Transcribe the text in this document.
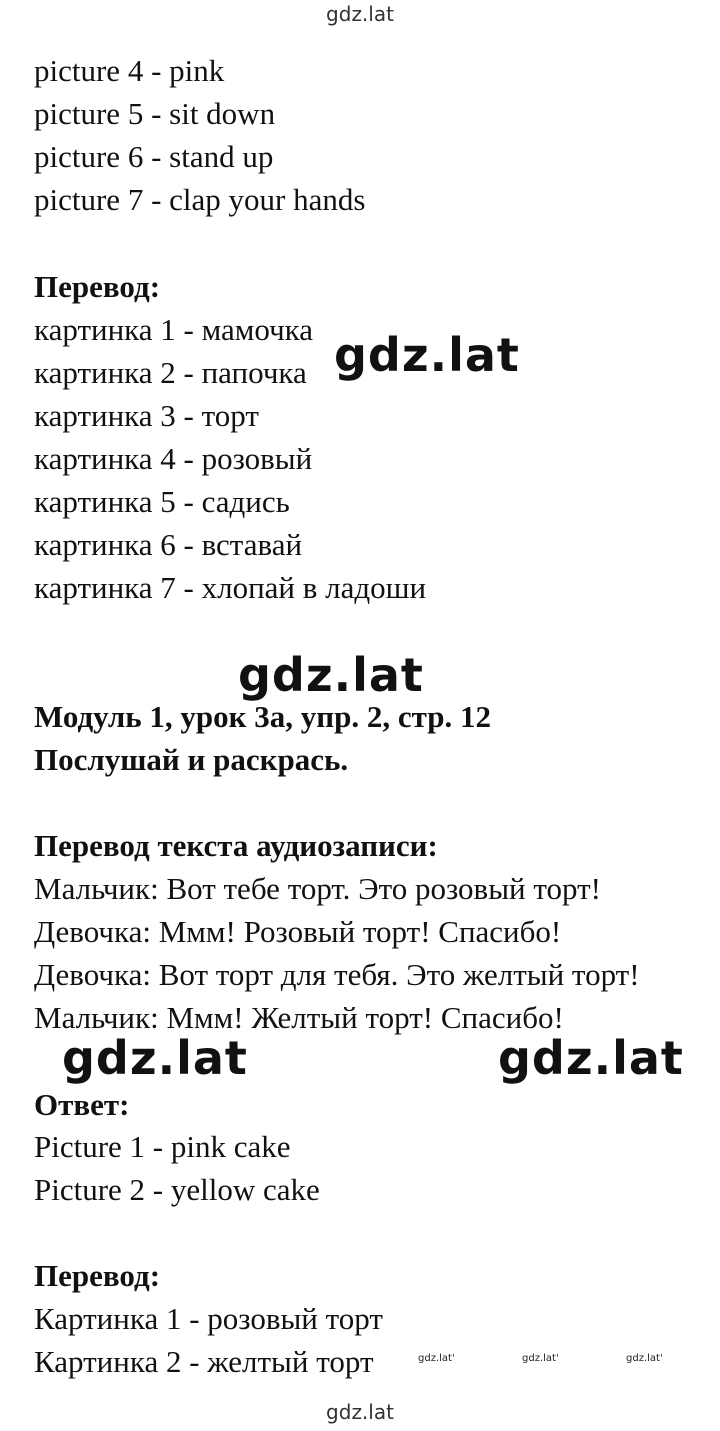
gdz.lat
gdz.lat
gdz.lat
gdz.lat	gdz.lat
gdz.lat'	gdz.lat'	gdz.lat'
gdz.lat
picture 4 - pink
picture 5 - sit down
picture 6 - stand up
picture 7 - clap your hands
Перевод:
картинка 1 - мамочка
картинка 2 - папочка
картинка 3 - торт
картинка 4 - розовый
картинка 5 - садись
картинка 6 - вставай
картинка 7 - хлопай в ладоши
Модуль 1, урок 3а, упр. 2, стр. 12
Послушай и раскрась.
Перевод текста аудиозаписи:
Мальчик: Вот тебе торт. Это розовый торт!
Девочка: Ммм! Розовый торт! Спасибо!
Девочка: Вот торт для тебя. Это желтый торт!
Мальчик: Ммм! Желтый торт! Спасибо!
Ответ:
Picture 1 - pink cake
Picture 2 - yellow cake
Перевод:
Картинка 1 - розовый торт
Картинка 2 - желтый торт
